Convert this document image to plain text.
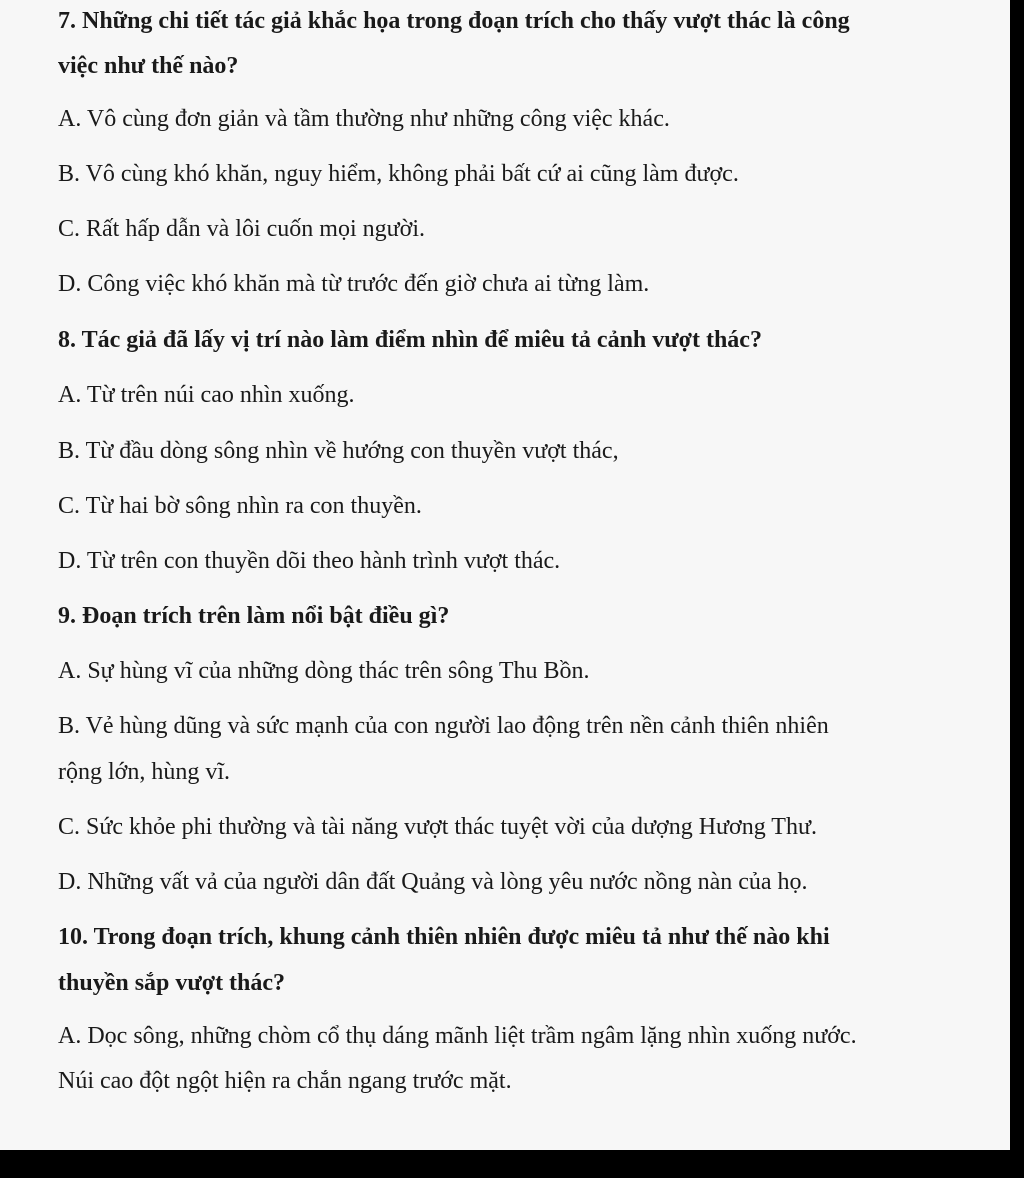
7. Những chi tiết tác giả khắc họa trong đoạn trích cho thấy vượt thác là công
việc như thế nào?
A. Vô cùng đơn giản và tầm thường như những công việc khác.
B. Vô cùng khó khăn, nguy hiểm, không phải bất cứ ai cũng làm được.
C. Rất hấp dẫn và lôi cuốn mọi người.
D. Công việc khó khăn mà từ trước đến giờ chưa ai từng làm.
8. Tác giả đã lấy vị trí nào làm điểm nhìn để miêu tả cảnh vượt thác?
A. Từ trên núi cao nhìn xuống.
B. Từ đầu dòng sông nhìn về hướng con thuyền vượt thác,
C. Từ hai bờ sông nhìn ra con thuyền.
D. Từ trên con thuyền dõi theo hành trình vượt thác.
9. Đoạn trích trên làm nổi bật điều gì?
A. Sự hùng vĩ của những dòng thác trên sông Thu Bồn.
B. Vẻ hùng dũng và sức mạnh của con người lao động trên nền cảnh thiên nhiên
rộng lớn, hùng vĩ.
C. Sức khỏe phi thường và tài năng vượt thác tuyệt vời của dượng Hương Thư.
D. Những vất vả của người dân đất Quảng và lòng yêu nước nồng nàn của họ.
10. Trong đoạn trích, khung cảnh thiên nhiên được miêu tả như thế nào khi
thuyền sắp vượt thác?
A. Dọc sông, những chòm cổ thụ dáng mãnh liệt trầm ngâm lặng nhìn xuống nước.
Núi cao đột ngột hiện ra chắn ngang trước mặt.
